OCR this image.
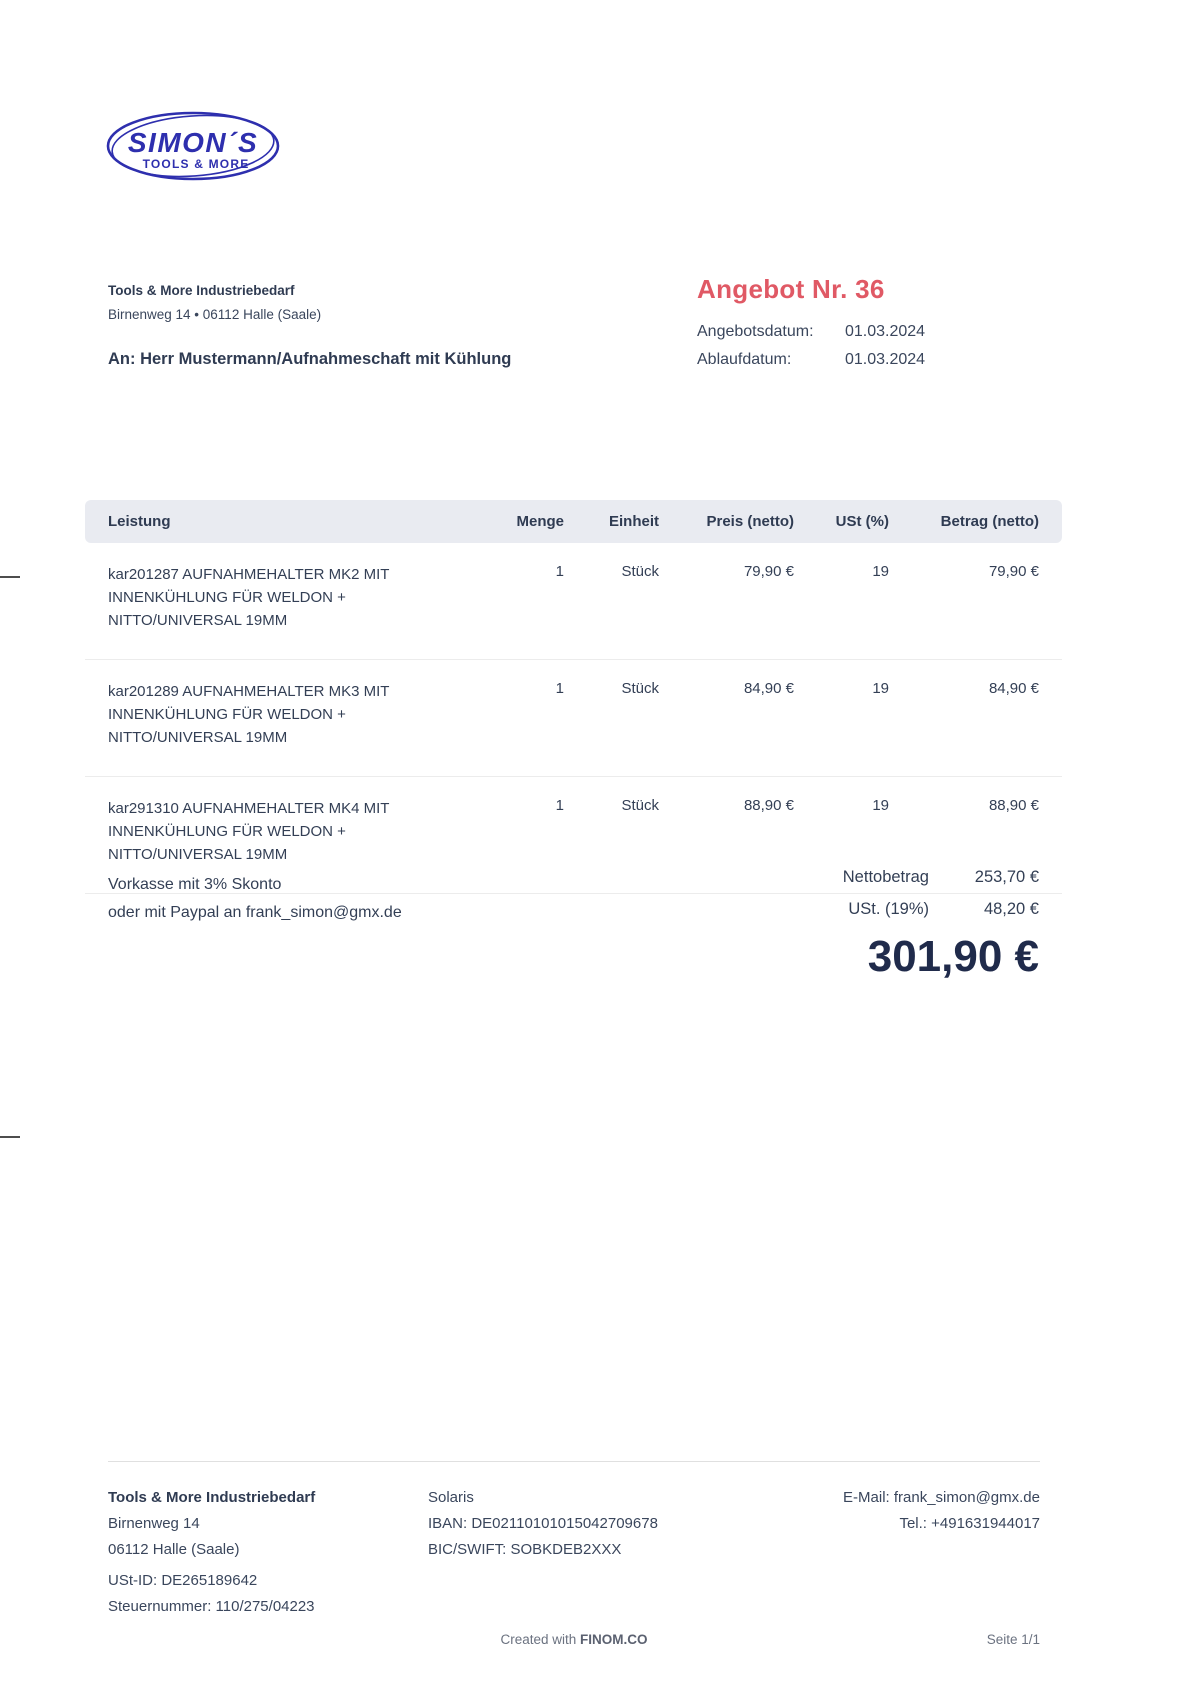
SIMON´S
TOOLS & MORE
Tools & More Industriebedarf
Birnenweg 14 • 06112 Halle (Saale)
An: Herr Mustermann/Aufnahmeschaft mit Kühlung
Angebot Nr. 36
Angebotsdatum:	01.03.2024
Ablaufdatum:	01.03.2024
Leistung	Menge	Einheit	Preis (netto)	USt (%)	Betrag (netto)
kar201287 AUFNAHMEHALTER MK2 MIT INNENKÜHLUNG FÜR WELDON + NITTO/UNIVERSAL 19MM
1	Stück	79,90 €	19	79,90 €
kar201289 AUFNAHMEHALTER MK3 MIT INNENKÜHLUNG FÜR WELDON + NITTO/UNIVERSAL 19MM
1	Stück	84,90 €	19	84,90 €
kar291310 AUFNAHMEHALTER MK4 MIT INNENKÜHLUNG FÜR WELDON + NITTO/UNIVERSAL 19MM
1	Stück	88,90 €	19	88,90 €
Vorkasse mit 3% Skonto
oder mit Paypal an frank_simon@gmx.de
Nettobetrag	253,70 €
USt. (19%)	48,20 €
301,90 €
Tools & More Industriebedarf
Birnenweg 14
06112 Halle (Saale)
USt-ID: DE265189642
Steuernummer: 110/275/04223
Solaris
IBAN: DE02110101015042709678
BIC/SWIFT: SOBKDEB2XXX
E-Mail: frank_simon@gmx.de
Tel.: +491631944017
Created with FINOM.CO	Seite 1/1
